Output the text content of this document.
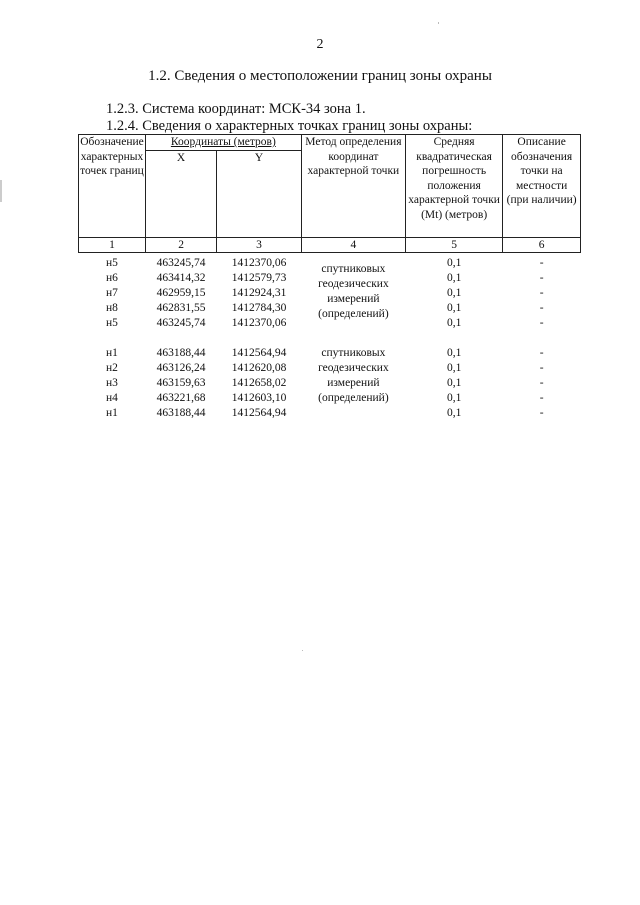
2
1.2. Сведения о местоположении границ зоны охраны
1.2.3. Система координат: МСК-34 зона 1.
1.2.4. Сведения о характерных точках границ зоны охраны:
Обозначение характерных точек границ	Координаты (метров)		Метод определения координат характерной точки	Средняя квадратическая погрешность положения характерной точки (Mt) (метров)	Описание обозначения точки на местности (при наличии)
	X	Y			
1	2	3	4	5	6

н5	463245,74	1412370,06	спутниковых геодезических измерений (определений)	0,1	-
н6	463414,32	1412579,73		0,1	-
н7	462959,15	1412924,31		0,1	-
н8	462831,55	1412784,30		0,1	-
н5	463245,74	1412370,06		0,1	-

н1	463188,44	1412564,94	спутниковых геодезических измерений (определений)	0,1	-
н2	463126,24	1412620,08		0,1	-
н3	463159,63	1412658,02		0,1	-
н4	463221,68	1412603,10		0,1	-
н1	463188,44	1412564,94		0,1	-
